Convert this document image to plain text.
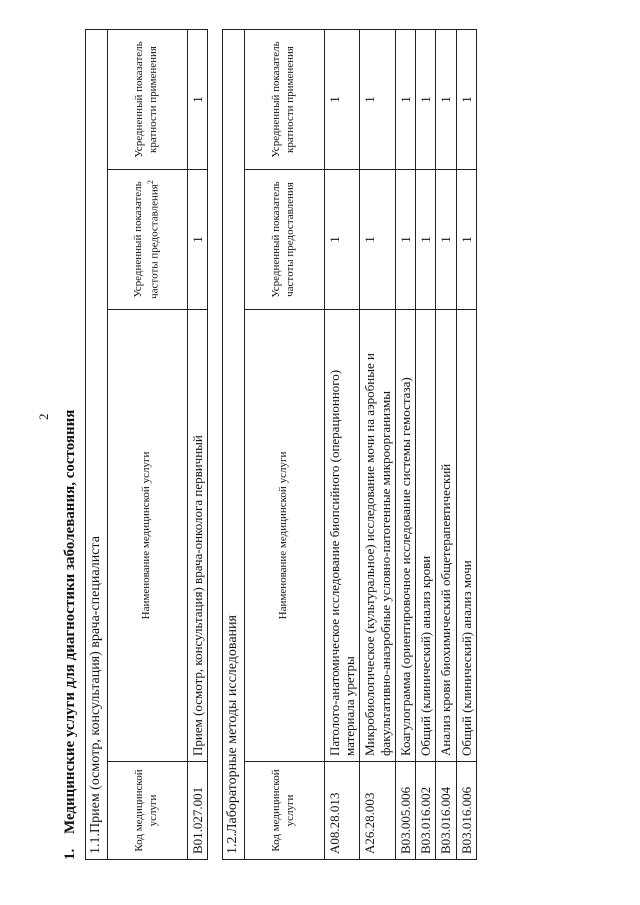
2
1.Медицинские услуги для диагностики заболевания, состояния 1.1.Прием (осмотр, консультация) врача-специалиста			
Код медицинской услуги	Наименование медицинской услуги	Усредненный показатель частоты предоставления$^2$	Усредненный показатель кратности применения
B01.027.001	Прием (осмотр, консультация) врача-онколога первичный	1	1
1.2.Лабораторные методы исследования			
Код медицинской услуги	Наименование медицинской услуги	Усредненный показатель частоты предоставления	Усредненный показатель кратности применения
A08.28.013	Патолого-анатомическое исследование биопсийного (операционного) материала уретры	1	1
A26.28.003	Микробиологическое (культуральное) исследование мочи на аэробные и факультативно-анаэробные условно-патогенные микроорганизмы	1	1
B03.005.006	Коагулограмма (ориентировочное исследование системы гемостаза)	1	1
B03.016.002	Общий (клинический) анализ крови	1	1
B03.016.004	Анализ крови биохимический общетерапевтический	1	1
B03.016.006	Общий (клинический) анализ мочи	1	1
